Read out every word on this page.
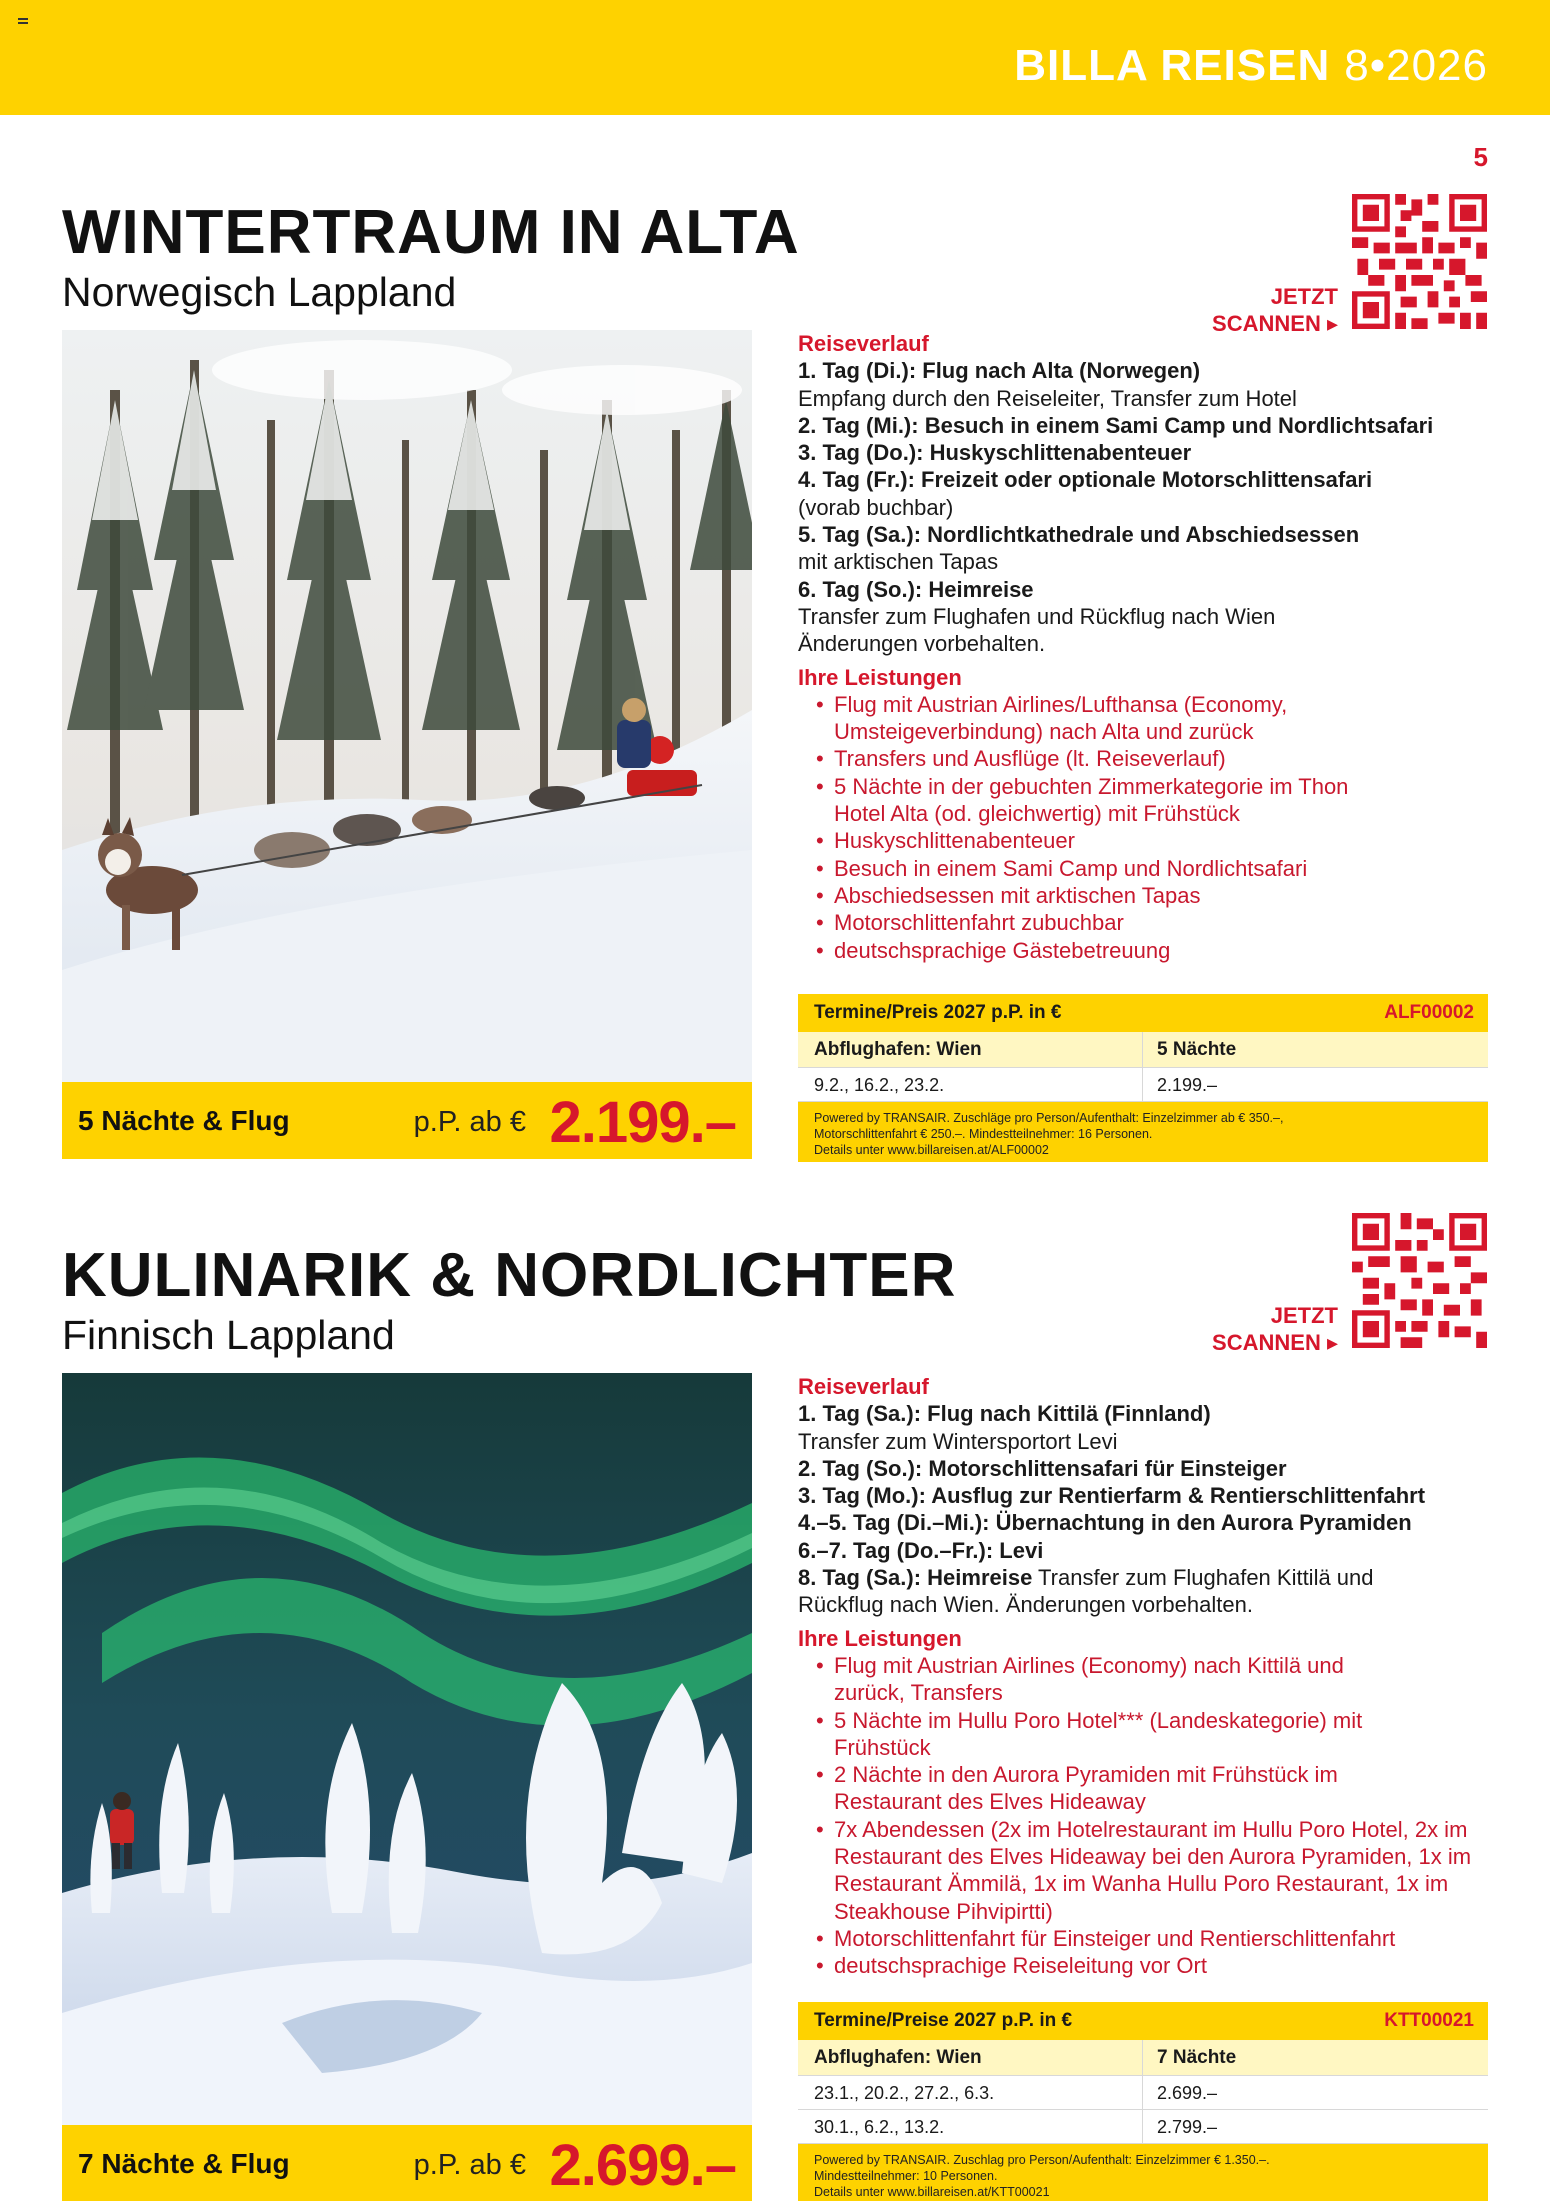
BILLA REISEN 8•2026
5
WINTERTRAUM IN ALTA
Norwegisch Lappland	JETZT
SCANNEN ▸
5 Nächte & Flug	p.P. ab € 2.199.–
Reiseverlauf
1. Tag (Di.): Flug nach Alta (Norwegen)
Empfang durch den Reiseleiter, Transfer zum Hotel
2. Tag (Mi.): Besuch in einem Sami Camp und Nordlichtsafari
3. Tag (Do.): Huskyschlittenabenteuer
4. Tag (Fr.): Freizeit oder optionale Motorschlittensafari
(vorab buchbar)
5. Tag (Sa.): Nordlichtkathedrale und Abschiedsessen
mit arktischen Tapas
6. Tag (So.): Heimreise
Transfer zum Flughafen und Rückflug nach Wien
Änderungen vorbehalten.
Ihre Leistungen
• Flug mit Austrian Airlines/Lufthansa (Economy, Umsteigeverbindung) nach Alta und zurück
• Transfers und Ausflüge (lt. Reiseverlauf)
• 5 Nächte in der gebuchten Zimmerkategorie im Thon Hotel Alta (od. gleichwertig) mit Frühstück
• Huskyschlittenabenteuer
• Besuch in einem Sami Camp und Nordlichtsafari
• Abschiedsessen mit arktischen Tapas
• Motorschlittenfahrt zubuchbar
• deutschsprachige Gästebetreuung
Termine/Preis 2027 p.P. in €	ALF00002
Abflughafen: Wien	5 Nächte
9.2., 16.2., 23.2.	2.199.–
Powered by TRANSAIR. Zuschläge pro Person/Aufenthalt: Einzelzimmer ab € 350.–,
Motorschlittenfahrt € 250.–. Mindestteilnehmer: 16 Personen.
Details unter www.billareisen.at/ALF00002
KULINARIK & NORDLICHTER
Finnisch Lappland	JETZT
SCANNEN ▸
7 Nächte & Flug	p.P. ab € 2.699.–
Reiseverlauf
1. Tag (Sa.): Flug nach Kittilä (Finnland)
Transfer zum Wintersportort Levi
2. Tag (So.): Motorschlittensafari für Einsteiger
3. Tag (Mo.): Ausflug zur Rentierfarm & Rentierschlittenfahrt
4.–5. Tag (Di.–Mi.): Übernachtung in den Aurora Pyramiden
6.–7. Tag (Do.–Fr.): Levi
8. Tag (Sa.): Heimreise Transfer zum Flughafen Kittilä und
Rückflug nach Wien. Änderungen vorbehalten.
Ihre Leistungen
• Flug mit Austrian Airlines (Economy) nach Kittilä und zurück, Transfers
• 5 Nächte im Hullu Poro Hotel*** (Landeskategorie) mit Frühstück
• 2 Nächte in den Aurora Pyramiden mit Frühstück im Restaurant des Elves Hideaway
• 7x Abendessen (2x im Hotelrestaurant im Hullu Poro Hotel, 2x im Restaurant des Elves Hideaway bei den Aurora Pyramiden, 1x im Restaurant Ämmilä, 1x im Wanha Hullu Poro Restaurant, 1x im Steakhouse Pihvipirtti)
• Motorschlittenfahrt für Einsteiger und Rentierschlittenfahrt
• deutschsprachige Reiseleitung vor Ort
Termine/Preise 2027 p.P. in €	KTT00021
Abflughafen: Wien	7 Nächte
23.1., 20.2., 27.2., 6.3.	2.699.–
30.1., 6.2., 13.2.	2.799.–
Powered by TRANSAIR. Zuschlag pro Person/Aufenthalt: Einzelzimmer € 1.350.–.
Mindestteilnehmer: 10 Personen.
Details unter www.billareisen.at/KTT00021
